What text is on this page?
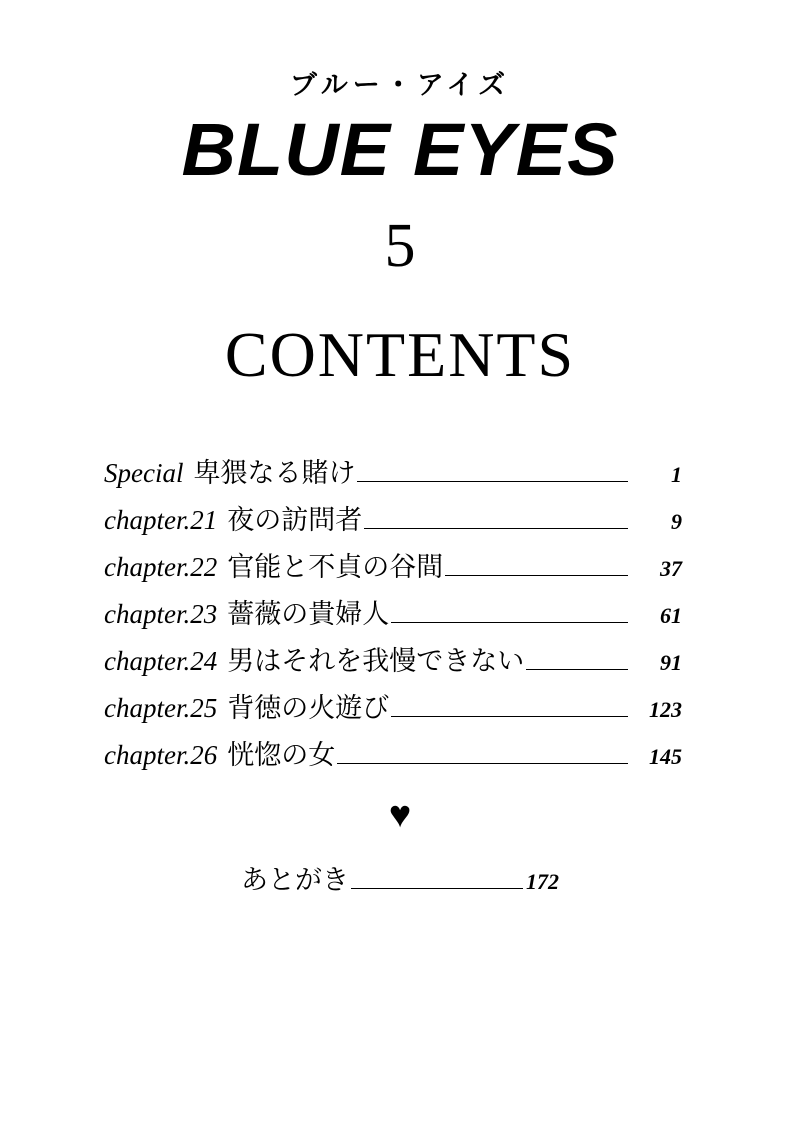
ブルー・アイズ
BLUE EYES
5
CONTENTS
Special 卑猥なる賭け	1
chapter.21 夜の訪問者	9
chapter.22 官能と不貞の谷間	37
chapter.23 薔薇の貴婦人	61
chapter.24 男はそれを我慢できない	91
chapter.25 背徳の火遊び	123
chapter.26 恍惚の女	145
♥
あとがき	172
